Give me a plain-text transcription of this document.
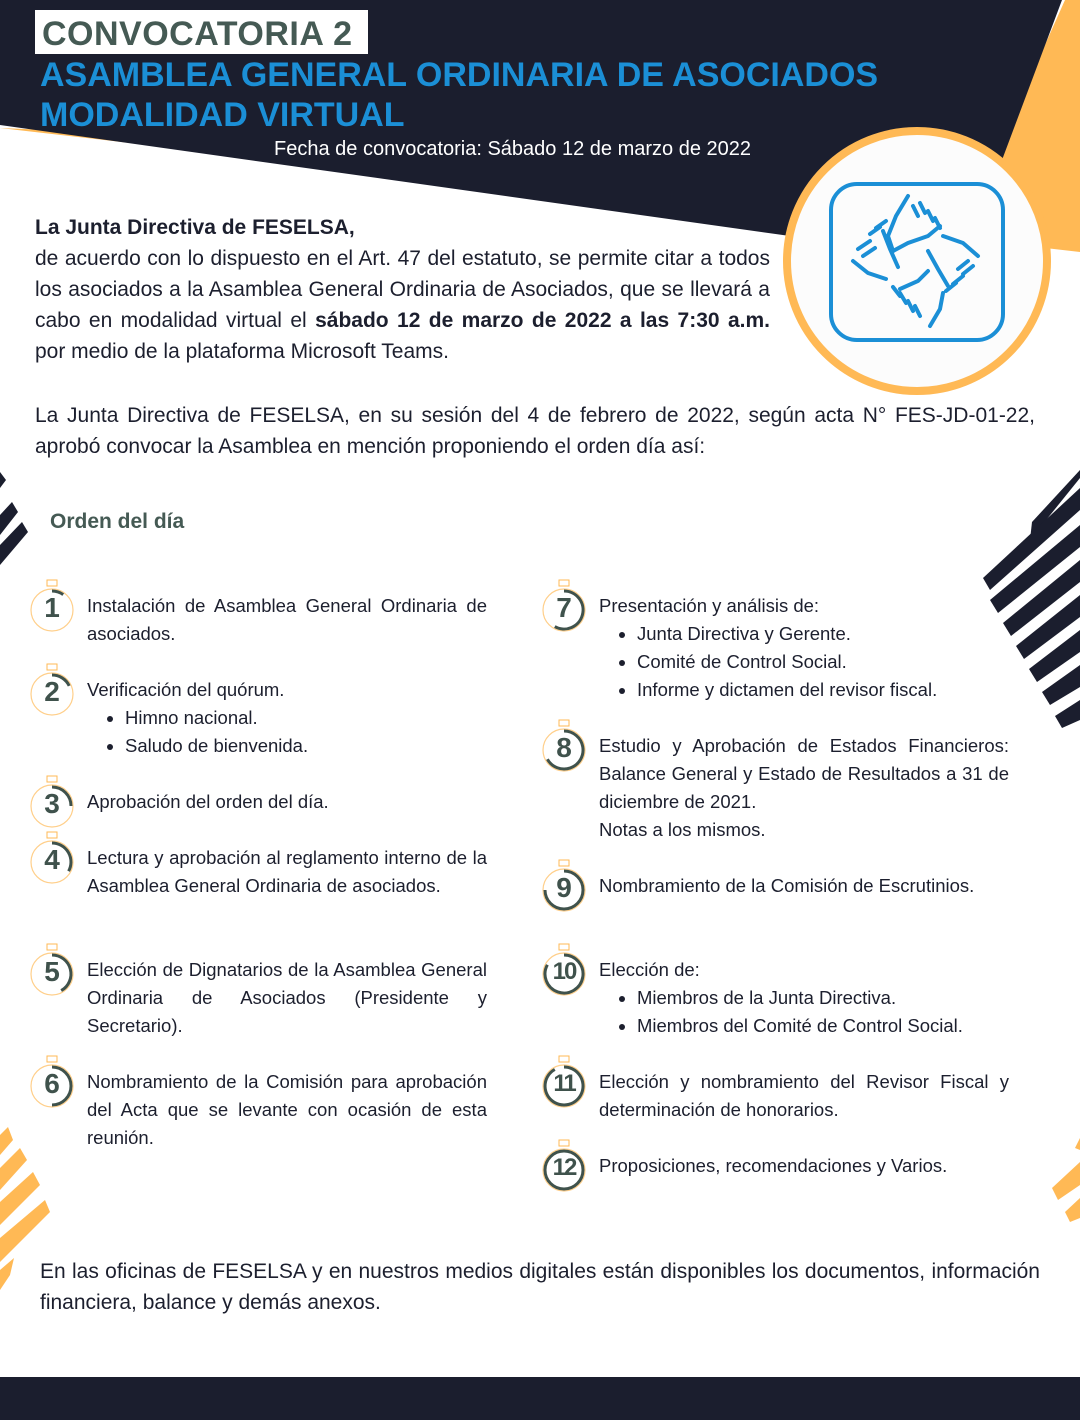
CONVOCATORIA 2
ASAMBLEA GENERAL ORDINARIA DE ASOCIADOS
MODALIDAD VIRTUAL
Fecha de convocatoria: Sábado 12 de marzo de 2022
La Junta Directiva de FESELSA,
de acuerdo con lo dispuesto en el Art. 47 del estatuto, se permite citar a todos los asociados a la Asamblea General Ordinaria de Asociados, que se llevará a cabo en modalidad virtual el sábado 12 de marzo de 2022 a las 7:30 a.m. por medio de la plataforma Microsoft Teams.
La Junta Directiva de FESELSA, en su sesión del 4 de febrero de 2022, según acta N° FES-JD-01-22, aprobó convocar la Asamblea en mención proponiendo el orden día así:
Orden del día
1	Instalación de Asamblea General Ordinaria de asociados.
2	Verificación del quórum.
• Himno nacional.
• Saludo de bienvenida.
3	Aprobación del orden del día.
4	Lectura y aprobación al reglamento interno de la Asamblea General Ordinaria de asociados.
5	Elección de Dignatarios de la Asamblea General Ordinaria de Asociados (Presidente y Secretario).
6	Nombramiento de la Comisión para aprobación del Acta que se levante con ocasión de esta reunión.
7	Presentación y análisis de:
• Junta Directiva y Gerente.
• Comité de Control Social.
• Informe y dictamen del revisor fiscal.
8	Estudio y Aprobación de Estados Financieros: Balance General y Estado de Resultados a 31 de diciembre de 2021.
Notas a los mismos.
9	Nombramiento de la Comisión de Escrutinios.
10	Elección de:
• Miembros de la Junta Directiva.
• Miembros del Comité de Control Social.
11	Elección y nombramiento del Revisor Fiscal y determinación de honorarios.
12	Proposiciones, recomendaciones y Varios.
En las oficinas de FESELSA y en nuestros medios digitales están disponibles los documentos, información financiera, balance y demás anexos.
